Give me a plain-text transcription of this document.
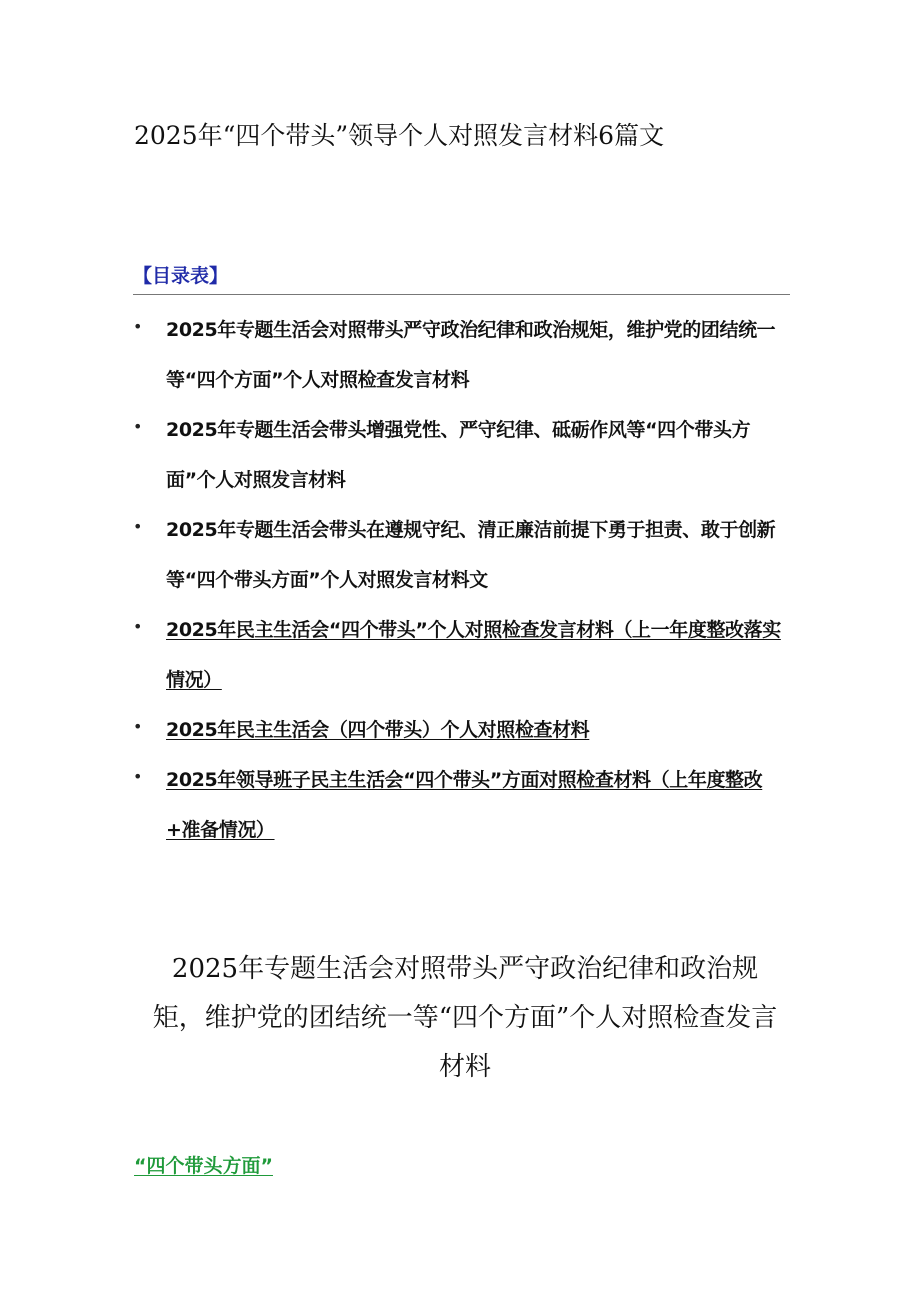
2025年“四个带头”领导个人对照发言材料6篇文
【目录表】
• 2025年专题生活会对照带头严守政治纪律和政治规矩，维护党的团结统一等“四个方面”个人对照检查发言材料
• 2025年专题生活会带头增强党性、严守纪律、砥砺作风等“四个带头方面”个人对照发言材料
• 2025年专题生活会带头在遵规守纪、清正廉洁前提下勇于担责、敢于创新等“四个带头方面”个人对照发言材料文
• 2025年民主生活会“四个带头”个人对照检查发言材料（上一年度整改落实情况）
• 2025年民主生活会（四个带头）个人对照检查材料
• 2025年领导班子民主生活会“四个带头”方面对照检查材料（上年度整改+准备情况）
2025年专题生活会对照带头严守政治纪律和政治规矩，维护党的团结统一等“四个方面”个人对照检查发言材料
“四个带头方面”
